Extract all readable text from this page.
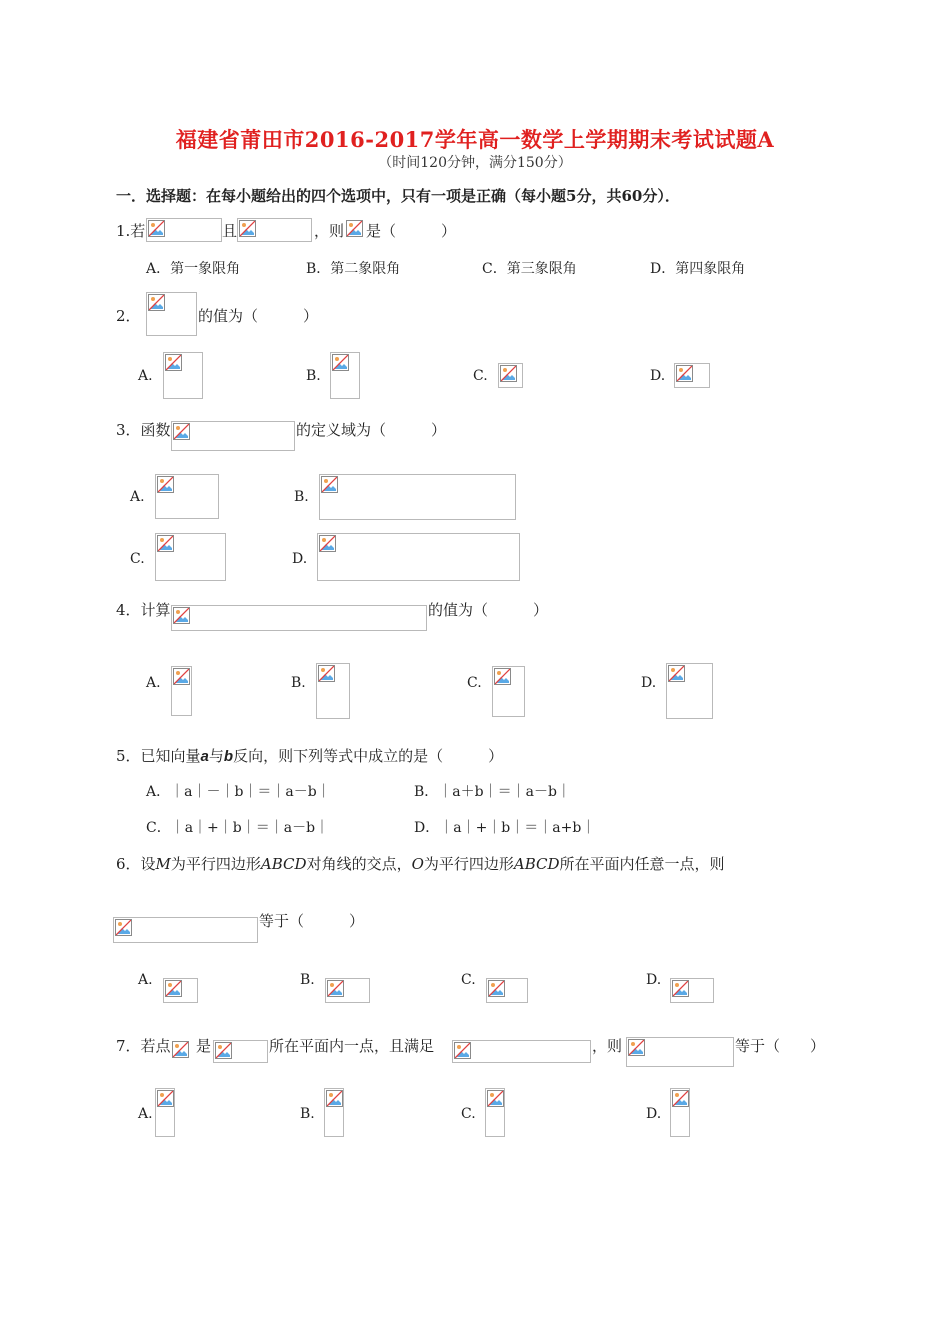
福建省莆田市2016-2017学年高一数学上学期期末考试试题A
（时间120分钟，满分150分）
一．选择题：在每小题给出的四个选项中，只有一项是正确（每小题5分，共60分）．
1.若	且	，则 是（　　　）
A．第一象限角	B．第二象限角	C．第三象限角	D．第四象限角
2．	的值为（　　　）
A.	B.	C.	D.
3．函数	的定义域为（　　　）
A.	B.
C.	D.
4．计算	的值为（　　　）
A.	B.	C.	D.
5．已知向量a与b反向，则下列等式中成立的是（　　　）
A．｜a｜－｜b｜＝｜a－b｜	B．｜a＋b｜＝｜a－b｜
C．｜a｜+｜b｜＝｜a－b｜	D．｜a｜+｜b｜＝｜a+b｜
6．设M为平行四边形ABCD对角线的交点，O为平行四边形ABCD所在平面内任意一点，则
等于（　　　）
A.	B.	C.	D.
7．若点 是	所在平面内一点，且满足	，则	等于（　　）
A.	B.	C.	D.
